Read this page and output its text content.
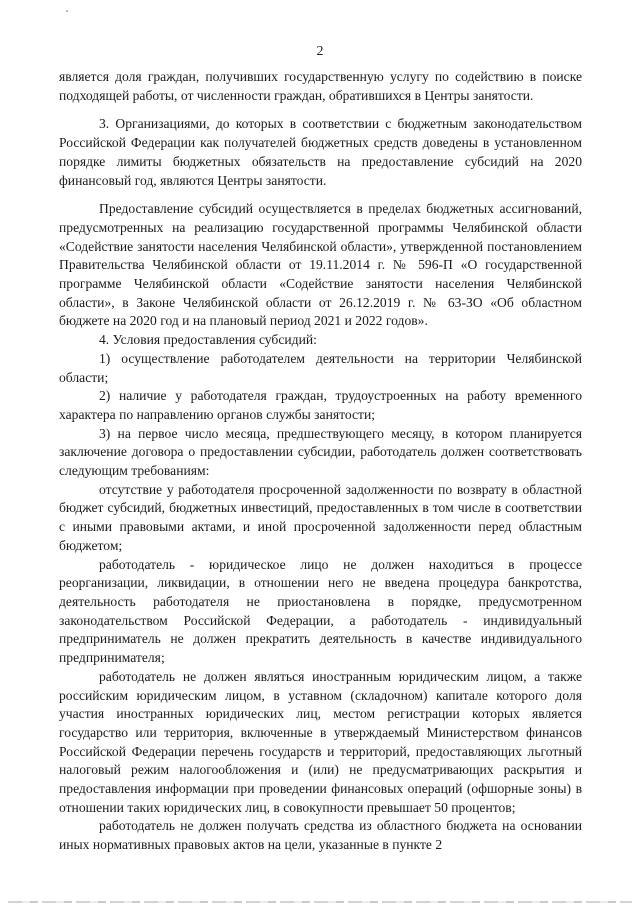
2

является доля граждан, получивших государственную услугу по содействию в поиске подходящей работы, от численности граждан, обратившихся в Центры занятости.

3. Организациями, до которых в соответствии с бюджетным законодательством Российской Федерации как получателей бюджетных средств доведены в установленном порядке лимиты бюджетных обязательств на предоставление субсидий на 2020 финансовый год, являются Центры занятости.

Предоставление субсидий осуществляется в пределах бюджетных ассигнований, предусмотренных на реализацию государственной программы Челябинской области «Содействие занятости населения Челябинской области», утвержденной постановлением Правительства Челябинской области от 19.11.2014 г. № 596-П «О государственной программе Челябинской области «Содействие занятости населения Челябинской области», в Законе Челябинской области от 26.12.2019 г. № 63-ЗО «Об областном бюджете на 2020 год и на плановый период 2021 и 2022 годов».

4. Условия предоставления субсидий:

1) осуществление работодателем деятельности на территории Челябинской области;

2) наличие у работодателя граждан, трудоустроенных на работу временного характера по направлению органов службы занятости;

3) на первое число месяца, предшествующего месяцу, в котором планируется заключение договора о предоставлении субсидии, работодатель должен соответствовать следующим требованиям:

отсутствие у работодателя просроченной задолженности по возврату в областной бюджет субсидий, бюджетных инвестиций, предоставленных в том числе в соответствии с иными правовыми актами, и иной просроченной задолженности перед областным бюджетом;

работодатель - юридическое лицо не должен находиться в процессе реорганизации, ликвидации, в отношении него не введена процедура банкротства, деятельность работодателя не приостановлена в порядке, предусмотренном законодательством Российской Федерации, а работодатель - индивидуальный предприниматель не должен прекратить деятельность в качестве индивидуального предпринимателя;

работодатель не должен являться иностранным юридическим лицом, а также российским юридическим лицом, в уставном (складочном) капитале которого доля участия иностранных юридических лиц, местом регистрации которых является государство или территория, включенные в утверждаемый Министерством финансов Российской Федерации перечень государств и территорий, предоставляющих льготный налоговый режим налогообложения и (или) не предусматривающих раскрытия и предоставления информации при проведении финансовых операций (офшорные зоны) в отношении таких юридических лиц, в совокупности превышает 50 процентов;

работодатель не должен получать средства из областного бюджета на основании иных нормативных правовых актов на цели, указанные в пункте 2
